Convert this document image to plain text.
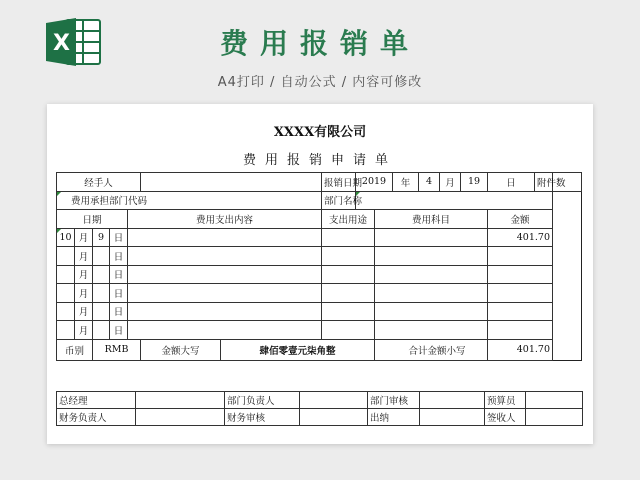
X	费用报销单
A4打印 / 自动公式 / 内容可修改
XXXX有限公司
费用报销申请单
经手人							报销日期	2019		年	4	月	19	日	附件数	
费用承担部门代码							部门名称									
日期				费用支出内容			支出用途		费用科目					金额		
10	月	9	日											401.70		
	月		日													
	月		日													
	月		日													
	月		日													
	月		日													
币别		RMB			金额大写	肆佰零壹元柒角整			合计金额小写					401.70		
总经理		部门负责人		部门审核		预算员	
财务负责人		财务审核		出纳		签收人	
